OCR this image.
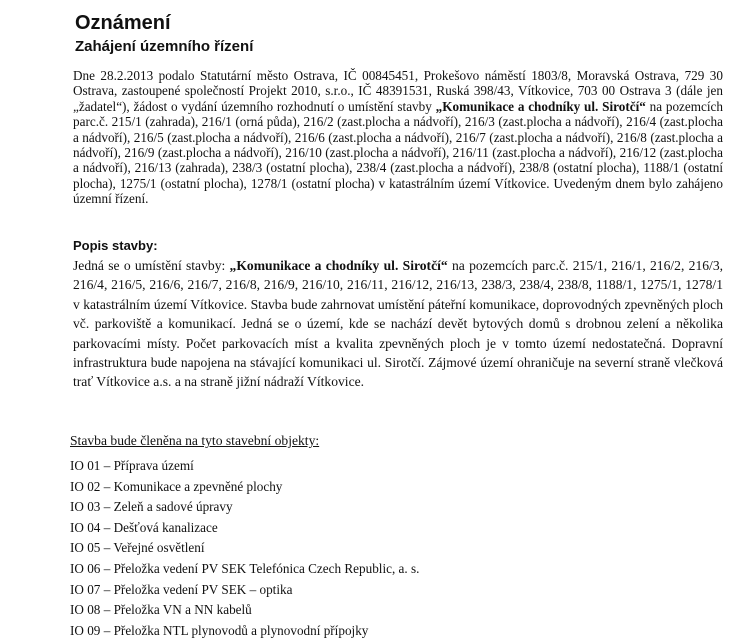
Oznámení
Zahájení územního řízení

Dne 28.2.2013 podalo Statutární město Ostrava, IČ 00845451, Prokešovo náměstí 1803/8, Moravská Ostrava, 729 30 Ostrava, zastoupené společností Projekt 2010, s.r.o., IČ 48391531, Ruská 398/43, Vítkovice, 703 00 Ostrava 3 (dále jen „žadatel“), žádost o vydání územního rozhodnutí o umístění stavby „Komunikace a chodníky ul. Sirotčí“ na pozemcích parc.č. 215/1 (zahrada), 216/1 (orná půda), 216/2 (zast.plocha a nádvoří), 216/3 (zast.plocha a nádvoří), 216/4 (zast.plocha a nádvoří), 216/5 (zast.plocha a nádvoří), 216/6 (zast.plocha a nádvoří), 216/7 (zast.plocha a nádvoří), 216/8 (zast.plocha a nádvoří), 216/9 (zast.plocha a nádvoří), 216/10 (zast.plocha a nádvoří), 216/11 (zast.plocha a nádvoří), 216/12 (zast.plocha a nádvoří), 216/13 (zahrada), 238/3 (ostatní plocha), 238/4 (zast.plocha a nádvoří), 238/8 (ostatní plocha), 1188/1 (ostatní plocha), 1275/1 (ostatní plocha), 1278/1 (ostatní plocha) v katastrálním území Vítkovice. Uvedeným dnem bylo zahájeno územní řízení.

Popis stavby:

Jedná se o umístění stavby: „Komunikace a chodníky ul. Sirotčí“ na pozemcích parc.č. 215/1, 216/1, 216/2, 216/3, 216/4, 216/5, 216/6, 216/7, 216/8, 216/9, 216/10, 216/11, 216/12, 216/13, 238/3, 238/4, 238/8, 1188/1, 1275/1, 1278/1 v katastrálním území Vítkovice. Stavba bude zahrnovat umístění páteřní komunikace, doprovodných zpevněných ploch vč. parkoviště a komunikací. Jedná se o území, kde se nachází devět bytových domů s drobnou zelení a několika parkovacími místy. Počet parkovacích míst a kvalita zpevněných ploch je v tomto území nedostatečná. Dopravní infrastruktura bude napojena na stávající komunikaci ul. Sirotčí. Zájmové území ohraničuje na severní straně vlečková trať Vítkovice a.s. a na straně jižní nádraží Vítkovice.

Stavba bude členěna na tyto stavební objekty:

IO 01 – Příprava území
IO 02 – Komunikace a zpevněné plochy
IO 03 – Zeleň a sadové úpravy
IO 04 – Dešťová kanalizace
IO 05 – Veřejné osvětlení
IO 06 – Přeložka vedení PV SEK Telefónica Czech Republic, a. s.
IO 07 – Přeložka vedení PV SEK – optika
IO 08 – Přeložka VN a NN kabelů
IO 09 – Přeložka NTL plynovodů a plynovodní přípojky
